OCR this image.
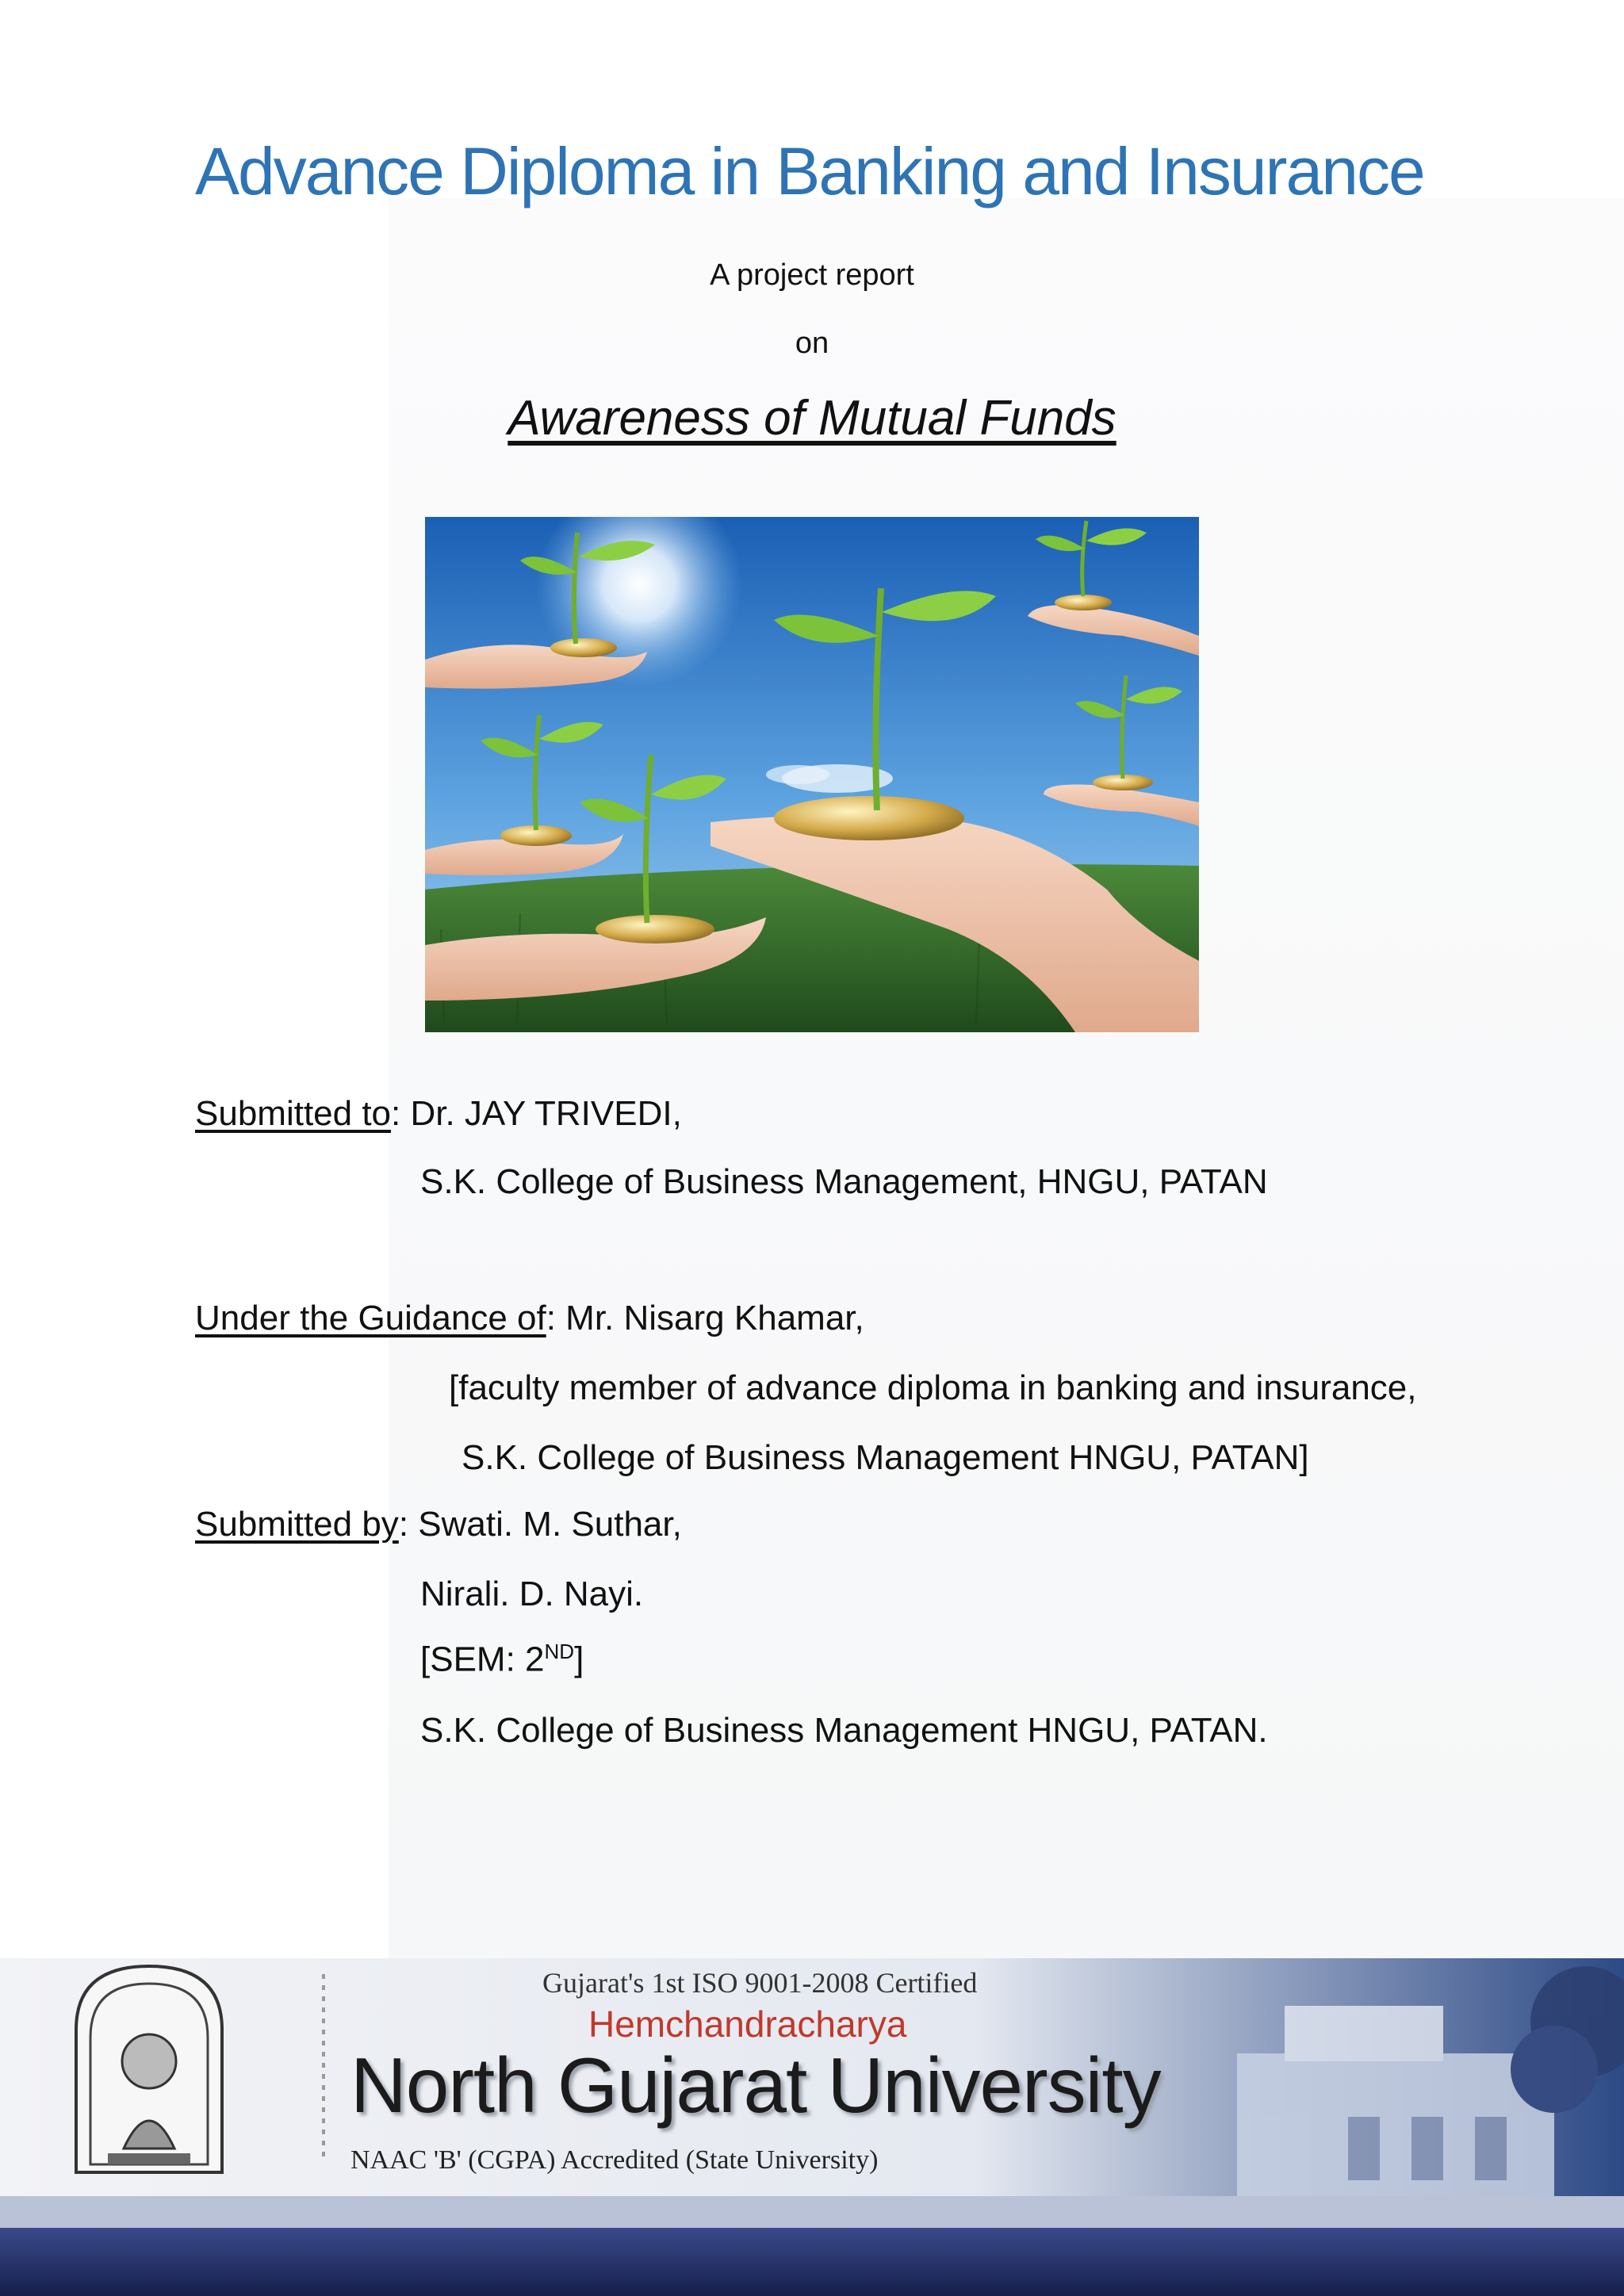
Advance Diploma in Banking and Insurance
A project report
on
Awareness of Mutual Funds
Submitted to: Dr. JAY TRIVEDI,
S.K. College of Business Management, HNGU, PATAN
Under the Guidance of: Mr. Nisarg Khamar,
[faculty member of advance diploma in banking and insurance,
S.K. College of Business Management HNGU, PATAN]
Submitted by: Swati. M. Suthar,
Nirali. D. Nayi.
[SEM: 2ND]
S.K. College of Business Management HNGU, PATAN.
Gujarat's 1st ISO 9001-2008 Certified
Hemchandracharya
North Gujarat University
NAAC 'B' (CGPA) Accredited (State University)
